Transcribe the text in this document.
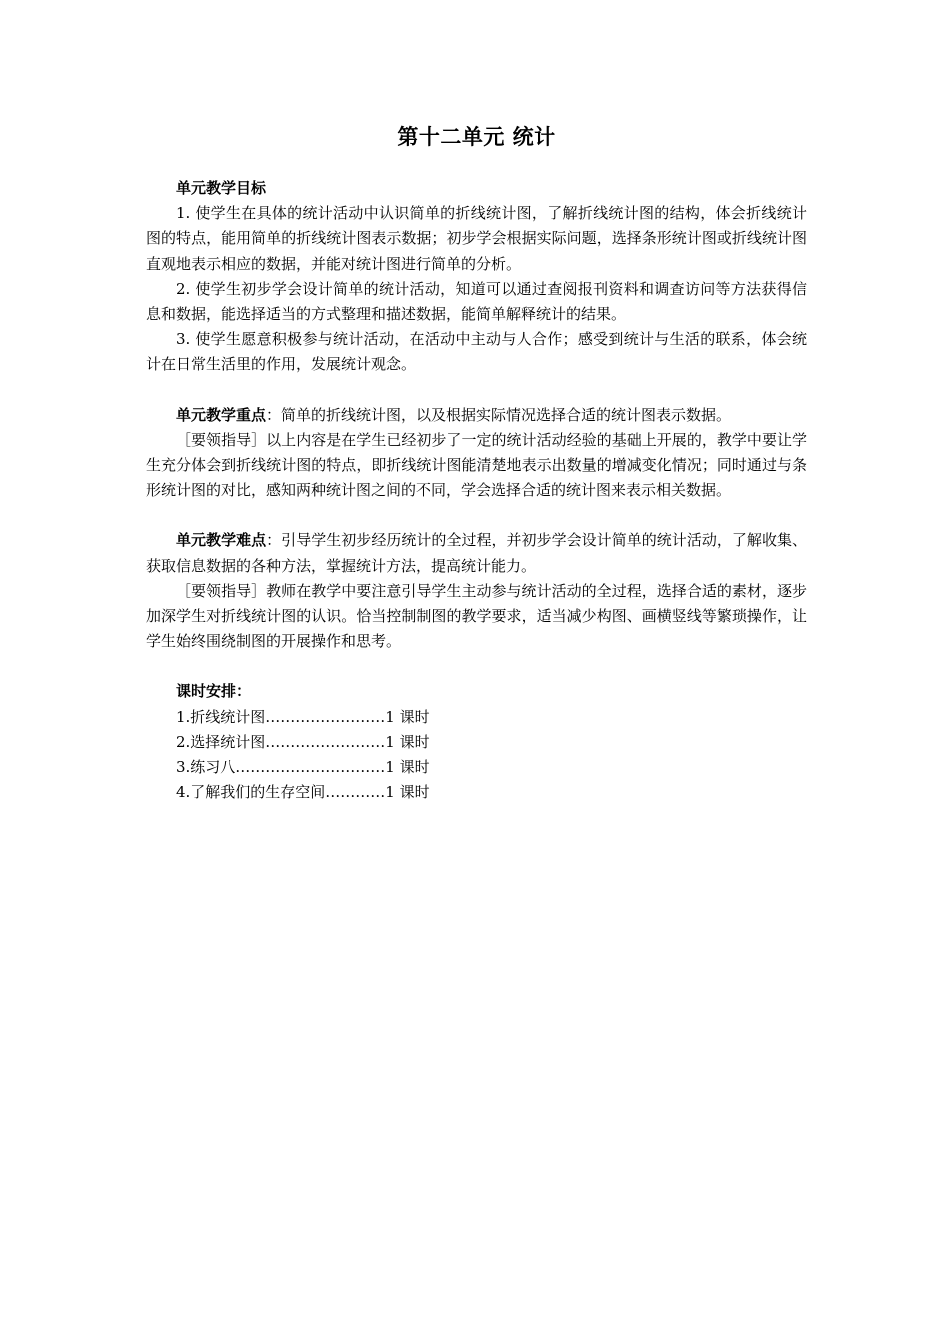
第十二单元 统计

单元教学目标

1. 使学生在具体的统计活动中认识简单的折线统计图，了解折线统计图的结构，体会折线统计图的特点，能用简单的折线统计图表示数据；初步学会根据实际问题，选择条形统计图或折线统计图直观地表示相应的数据，并能对统计图进行简单的分析。

2. 使学生初步学会设计简单的统计活动，知道可以通过查阅报刊资料和调查访问等方法获得信息和数据，能选择适当的方式整理和描述数据，能简单解释统计的结果。

3. 使学生愿意积极参与统计活动，在活动中主动与人合作；感受到统计与生活的联系，体会统计在日常生活里的作用，发展统计观念。

单元教学重点：简单的折线统计图，以及根据实际情况选择合适的统计图表示数据。

［要领指导］以上内容是在学生已经初步了一定的统计活动经验的基础上开展的，教学中要让学生充分体会到折线统计图的特点，即折线统计图能清楚地表示出数量的增减变化情况；同时通过与条形统计图的对比，感知两种统计图之间的不同，学会选择合适的统计图来表示相关数据。

单元教学难点：引导学生初步经历统计的全过程，并初步学会设计简单的统计活动，了解收集、获取信息数据的各种方法，掌握统计方法，提高统计能力。

［要领指导］教师在教学中要注意引导学生主动参与统计活动的全过程，选择合适的素材，逐步加深学生对折线统计图的认识。恰当控制制图的教学要求，适当减少构图、画横竖线等繁琐操作，让学生始终围绕制图的开展操作和思考。

课时安排：

1.折线统计图……………………1 课时

2.选择统计图……………………1 课时

3.练习八…………………………1 课时

4.了解我们的生存空间…………1 课时
